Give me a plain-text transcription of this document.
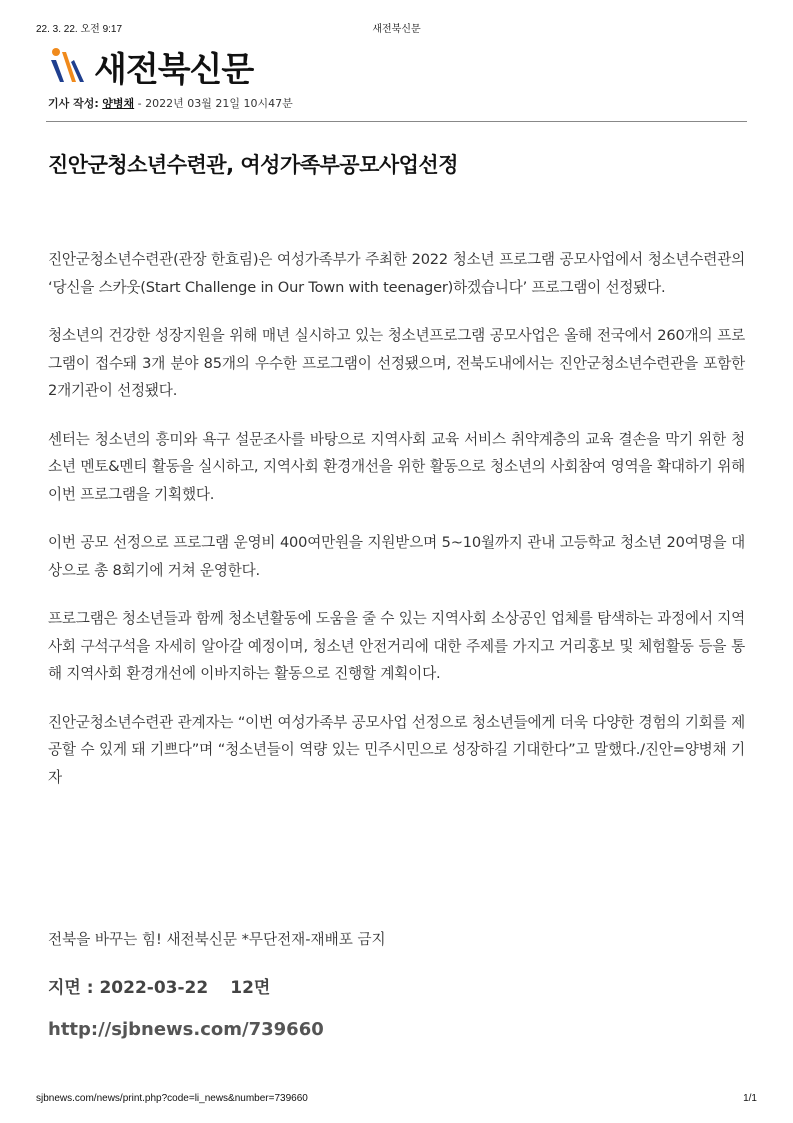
22. 3. 22. 오전 9:17	새전북신문
새전북신문
기사 작성: 양병채 - 2022년 03월 21일 10시47분
진안군청소년수련관, 여성가족부공모사업선정

진안군청소년수련관(관장 한효림)은 여성가족부가 주최한 2022 청소년 프로그램 공모사업에서 청소년수련관의 ‘당신을 스카웃(Start Challenge in Our Town with teenager)하겠습니다’ 프로그램이 선정됐다.

청소년의 건강한 성장지원을 위해 매년 실시하고 있는 청소년프로그램 공모사업은 올해 전국에서 260개의 프로그램이 접수돼 3개 분야 85개의 우수한 프로그램이 선정됐으며, 전북도내에서는 진안군청소년수련관을 포함한 2개기관이 선정됐다.

센터는 청소년의 흥미와 욕구 설문조사를 바탕으로 지역사회 교육 서비스 취약계층의 교육 결손을 막기 위한 청소년 멘토&멘티 활동을 실시하고, 지역사회 환경개선을 위한 활동으로 청소년의 사회참여 영역을 확대하기 위해 이번 프로그램을 기획했다.

이번 공모 선정으로 프로그램 운영비 400여만원을 지원받으며 5~10월까지 관내 고등학교 청소년 20여명을 대상으로 총 8회기에 거쳐 운영한다.

프로그램은 청소년들과 함께 청소년활동에 도움을 줄 수 있는 지역사회 소상공인 업체를 탐색하는 과정에서 지역사회 구석구석을 자세히 알아갈 예정이며, 청소년 안전거리에 대한 주제를 가지고 거리홍보 및 체험활동 등을 통해 지역사회 환경개선에 이바지하는 활동으로 진행할 계획이다.

진안군청소년수련관 관계자는 “이번 여성가족부 공모사업 선정으로 청소년들에게 더욱 다양한 경험의 기회를 제공할 수 있게 돼 기쁘다”며 “청소년들이 역량 있는 민주시민으로 성장하길 기대한다”고 말했다./진안=양병채 기자

전북을 바꾸는 힘! 새전북신문 *무단전재-재배포 금지
지면 : 2022-03-22 12면
http://sjbnews.com/739660
sjbnews.com/news/print.php?code=li_news&number=739660	1/1
